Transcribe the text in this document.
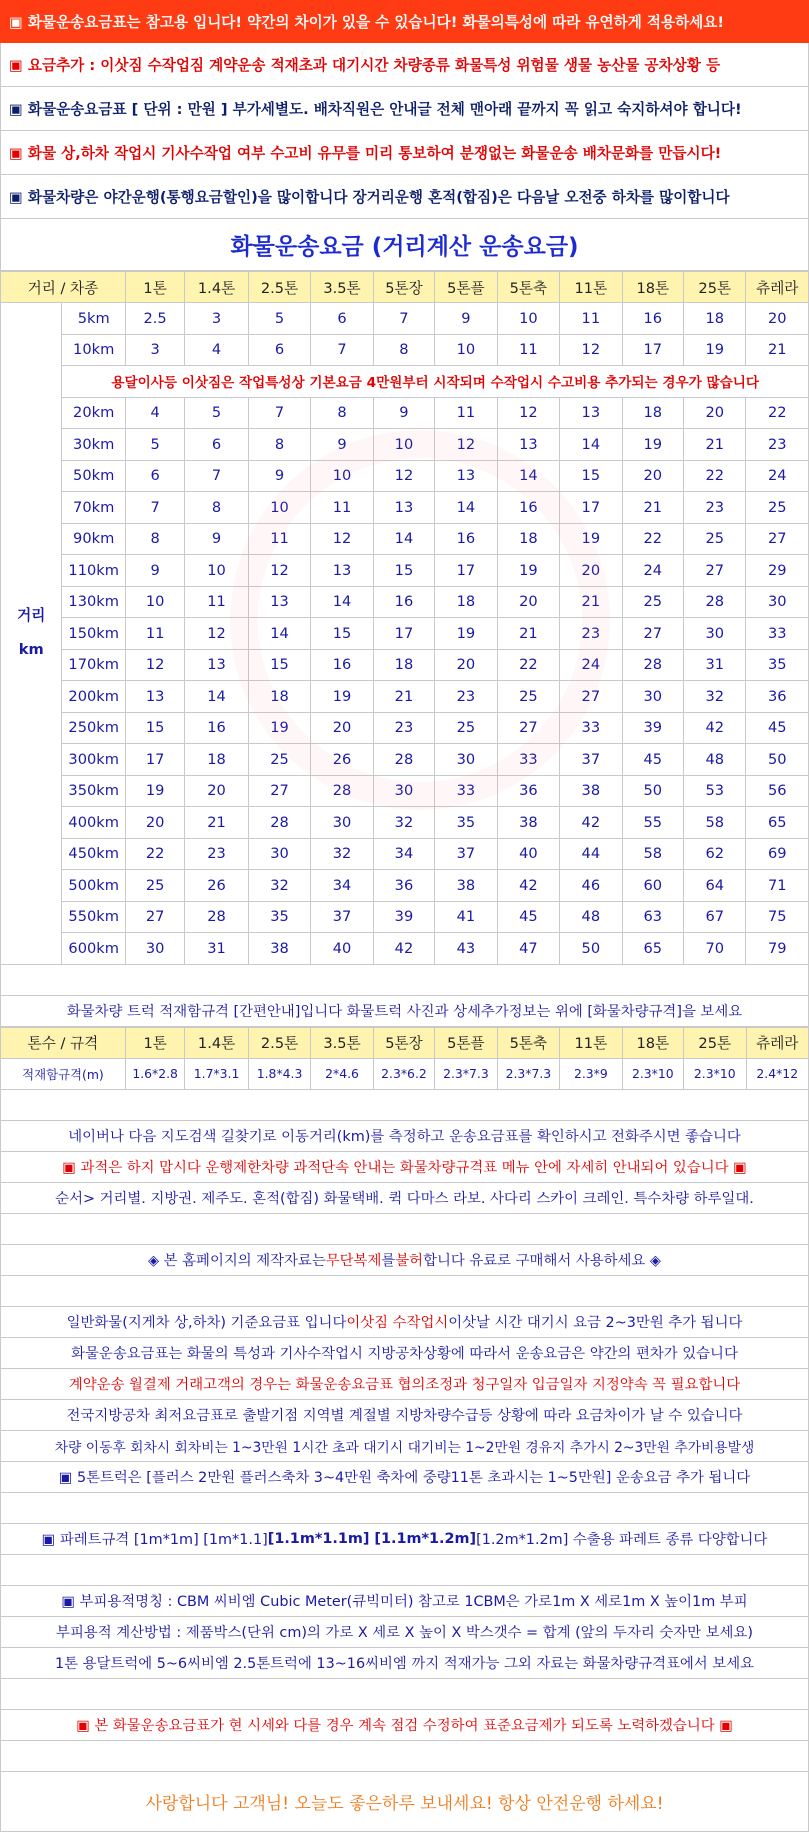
▣ 화물운송요금표는 참고용 입니다! 약간의 차이가 있을 수 있습니다! 화물의특성에 따라 유연하게 적용하세요!
▣ 요금추가 : 이삿짐 수작업짐 계약운송 적재초과 대기시간 차량종류 화물특성 위험물 생물 농산물 공차상황 등
▣ 화물운송요금표 [ 단위 : 만원 ] 부가세별도. 배차직원은 안내글 전체 맨아래 끝까지 꼭 읽고 숙지하셔야 합니다!
▣ 화물 상,하차 작업시 기사수작업 여부 수고비 유무를 미리 통보하여 분쟁없는 화물운송 배차문화를 만듭시다!
▣ 화물차량은 야간운행(통행요금할인)을 많이합니다 장거리운행 혼적(합짐)은 다음날 오전중 하차를 많이합니다
화물운송요금 (거리계산 운송요금)
거리 / 차종		1톤	1.4톤	2.5톤	3.5톤	5톤장	5톤플	5톤축	11톤	18톤	25톤	츄레라

거리
km	5km	2.5	3	5	6	7	9	10	11	16	18	20
	10km	3	4	6	7	8	10	11	12	17	19	21
	용달이사등 이삿짐은 작업특성상 기본요금 4만원부터 시작되며 수작업시 수고비용 추가되는 경우가 많습니다											
	20km	4	5	7	8	9	11	12	13	18	20	22
	30km	5	6	8	9	10	12	13	14	19	21	23
	50km	6	7	9	10	12	13	14	15	20	22	24
	70km	7	8	10	11	13	14	16	17	21	23	25
	90km	8	9	11	12	14	16	18	19	22	25	27
	110km	9	10	12	13	15	17	19	20	24	27	29
	130km	10	11	13	14	16	18	20	21	25	28	30
	150km	11	12	14	15	17	19	21	23	27	30	33
	170km	12	13	15	16	18	20	22	24	28	31	35
	200km	13	14	18	19	21	23	25	27	30	32	36
	250km	15	16	19	20	23	25	27	33	39	42	45
	300km	17	18	25	26	28	30	33	37	45	48	50
	350km	19	20	27	28	30	33	36	38	50	53	56
	400km	20	21	28	30	32	35	38	42	55	58	65
	450km	22	23	30	32	34	37	40	44	58	62	69
	500km	25	26	32	34	36	38	42	46	60	64	71
	550km	27	28	35	37	39	41	45	48	63	67	75
	600km	30	31	38	40	42	43	47	50	65	70	79
화물차량 트럭 적재함규격 [간편안내]입니다 화물트럭 사진과 상세추가정보는 위에 [화물차량규격]을 보세요
톤수 / 규격	1톤	1.4톤	2.5톤	3.5톤	5톤장	5톤플	5톤축	11톤	18톤	25톤	츄레라
적재함규격(m)	1.6*2.8	1.7*3.1	1.8*4.3	2*4.6	2.3*6.2	2.3*7.3	2.3*7.3	2.3*9	2.3*10	2.3*10	2.4*12
네이버나 다음 지도검색 길찾기로 이동거리(km)를 측정하고 운송요금표를 확인하시고 전화주시면 좋습니다
▣ 과적은 하지 맙시다 운행제한차량 과적단속 안내는 화물차량규격표 메뉴 안에 자세히 안내되어 있습니다 ▣
순서> 거리별. 지방권. 제주도. 혼적(합짐) 화물택배. 퀵 다마스 라보. 사다리 스카이 크레인. 특수차량 하루일대.
◈ 본 홈페이지의 제작자료는 무단복제 를 불허 합니다 유료로 구매해서 사용하세요 ◈
일반화물(지게차 상,하차) 기준요금표 입니다 이삿짐 수작업시 이삿날 시간 대기시 요금 2~3만원 추가 됩니다
화물운송요금표는 화물의 특성과 기사수작업시 지방공차상황에 따라서 운송요금은 약간의 편차가 있습니다
계약운송 월결제 거래고객의 경우는 화물운송요금표 협의조정과 청구일자 입금일자 지정약속 꼭 필요합니다
전국지방공차 최저요금표로 출발기점 지역별 계절별 지방차량수급등 상황에 따라 요금차이가 날 수 있습니다
차량 이동후 회차시 회차비는 1~3만원 1시간 초과 대기시 대기비는 1~2만원 경유지 추가시 2~3만원 추가비용발생
▣ 5톤트럭은 [플러스 2만원 플러스축차 3~4만원 축차에 중량11톤 초과시는 1~5만원] 운송요금 추가 됩니다
▣ 파레트규격 [1m*1m] [1m*1.1] [1.1m*1.1m] [1.1m*1.2m] [1.2m*1.2m] 수출용 파레트 종류 다양합니다
▣ 부피용적명칭 : CBM 씨비엠 Cubic Meter(큐빅미터) 참고로 1CBM은 가로1m X 세로1m X 높이1m 부피
부피용적 계산방법 : 제품박스(단위 cm)의 가로 X 세로 X 높이 X 박스갯수 = 합계 (앞의 두자리 숫자만 보세요)
1톤 용달트럭에 5~6씨비엠 2.5톤트럭에 13~16씨비엠 까지 적재가능 그외 자료는 화물차량규격표에서 보세요
▣ 본 화물운송요금표가 현 시세와 다를 경우 계속 점검 수정하여 표준요금제가 되도록 노력하겠습니다 ▣
사랑합니다 고객님! 오늘도 좋은하루 보내세요! 항상 안전운행 하세요!
